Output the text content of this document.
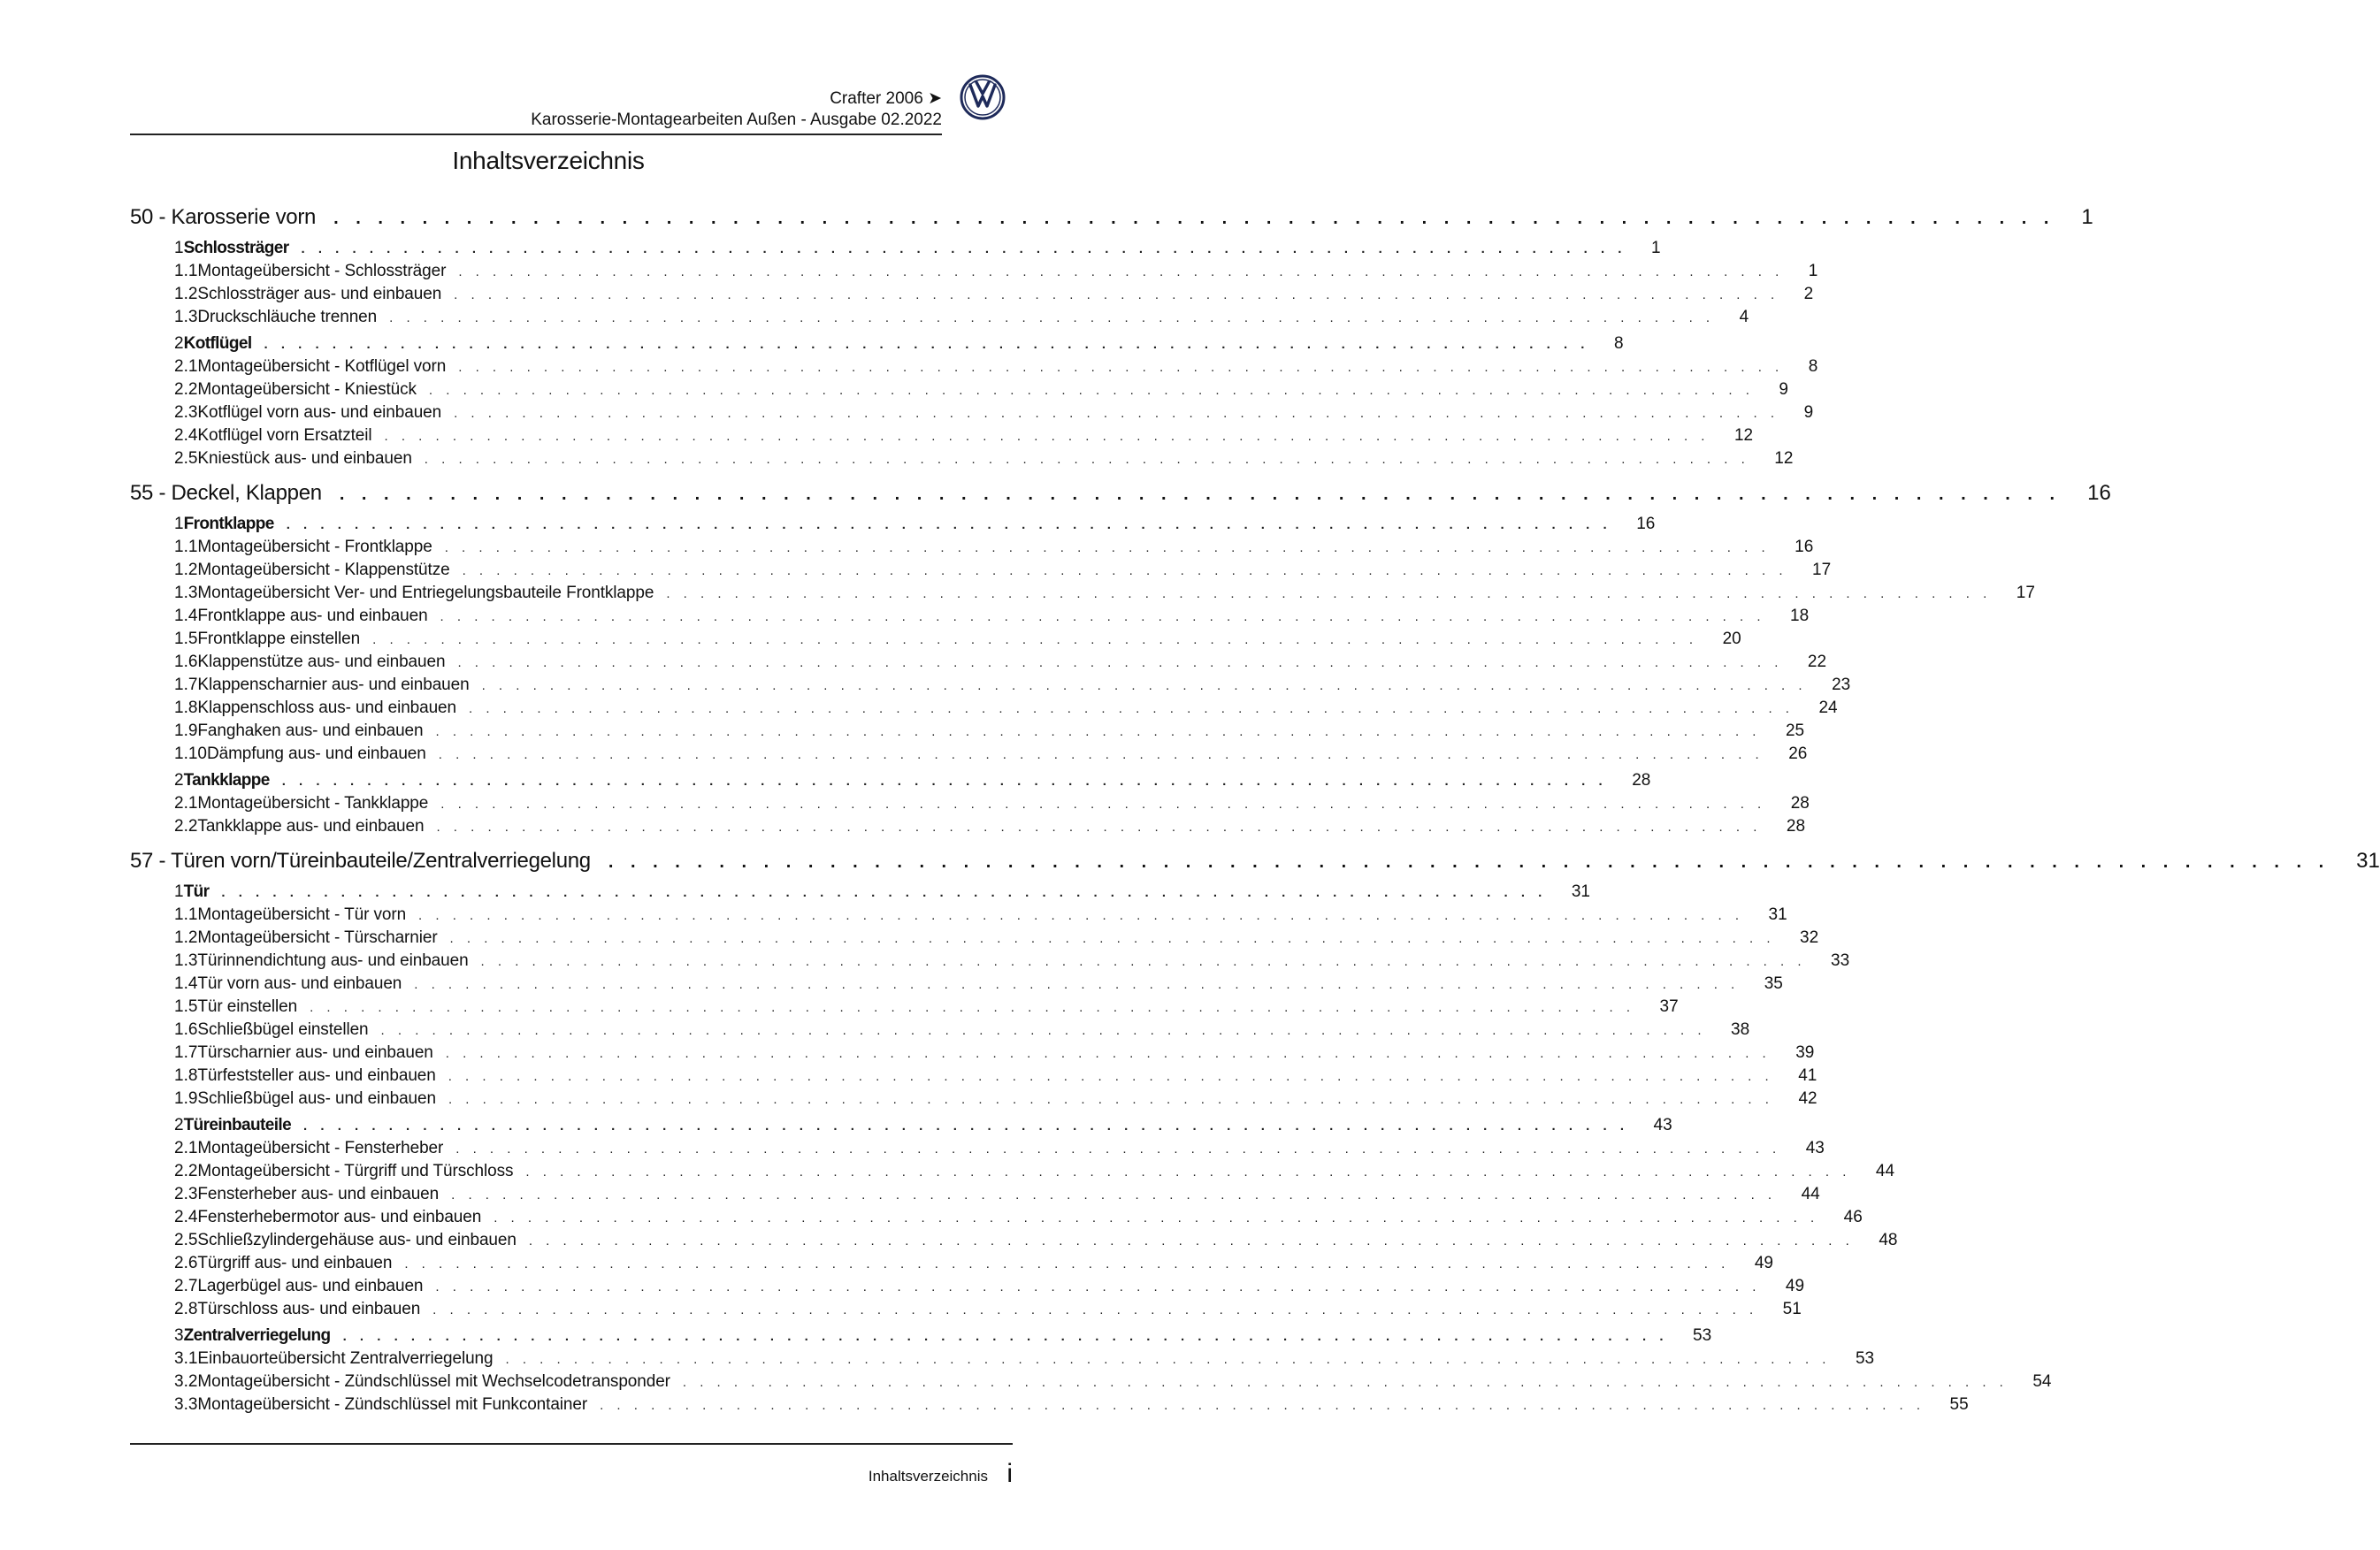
Crafter 2006 ➤
Karosserie-Montagearbeiten Außen - Ausgabe 02.2022
Inhaltsverzeichnis
50 - Karosserie vorn . . . . . . . . . . . . . . . . . . . . . . . . . . . . . . . . . . . . . . . . . . . . . . . . . . . . . . . . . . . . . . . . . . . . . . . . . . . . . . 1
1 Schlossträger . . . . . . . . . . . . . . . . . . . . . . . . . . . . . . . . . . . . . . . . . . . . . . . . . . . . . . . . . . . . . . . . . . . . . . . . . . . . . . 1
1.1 Montageübersicht - Schlossträger . . . . . . . . . . . . . . . . . . . . . . . . . . . . . . . . . . . . . . . . . . . . . . . . . . . . . . . . . . . . . . . . . . . . . . . . . . . . . . 1
1.2 Schlossträger aus- und einbauen . . . . . . . . . . . . . . . . . . . . . . . . . . . . . . . . . . . . . . . . . . . . . . . . . . . . . . . . . . . . . . . . . . . . . . . . . . . . . . 2
1.3 Druckschläuche trennen . . . . . . . . . . . . . . . . . . . . . . . . . . . . . . . . . . . . . . . . . . . . . . . . . . . . . . . . . . . . . . . . . . . . . . . . . . . . . . 4
2 Kotflügel . . . . . . . . . . . . . . . . . . . . . . . . . . . . . . . . . . . . . . . . . . . . . . . . . . . . . . . . . . . . . . . . . . . . . . . . . . . . . . 8
2.1 Montageübersicht - Kotflügel vorn . . . . . . . . . . . . . . . . . . . . . . . . . . . . . . . . . . . . . . . . . . . . . . . . . . . . . . . . . . . . . . . . . . . . . . . . . . . . . . 8
2.2 Montageübersicht - Kniestück . . . . . . . . . . . . . . . . . . . . . . . . . . . . . . . . . . . . . . . . . . . . . . . . . . . . . . . . . . . . . . . . . . . . . . . . . . . . . . 9
2.3 Kotflügel vorn aus- und einbauen . . . . . . . . . . . . . . . . . . . . . . . . . . . . . . . . . . . . . . . . . . . . . . . . . . . . . . . . . . . . . . . . . . . . . . . . . . . . . . 9
2.4 Kotflügel vorn Ersatzteil . . . . . . . . . . . . . . . . . . . . . . . . . . . . . . . . . . . . . . . . . . . . . . . . . . . . . . . . . . . . . . . . . . . . . . . . . . . . . . 12
2.5 Kniestück aus- und einbauen . . . . . . . . . . . . . . . . . . . . . . . . . . . . . . . . . . . . . . . . . . . . . . . . . . . . . . . . . . . . . . . . . . . . . . . . . . . . . . 12
55 - Deckel, Klappen . . . . . . . . . . . . . . . . . . . . . . . . . . . . . . . . . . . . . . . . . . . . . . . . . . . . . . . . . . . . . . . . . . . . . . . . . . . . . . 16
1 Frontklappe . . . . . . . . . . . . . . . . . . . . . . . . . . . . . . . . . . . . . . . . . . . . . . . . . . . . . . . . . . . . . . . . . . . . . . . . . . . . . . 16
1.1 Montageübersicht - Frontklappe . . . . . . . . . . . . . . . . . . . . . . . . . . . . . . . . . . . . . . . . . . . . . . . . . . . . . . . . . . . . . . . . . . . . . . . . . . . . . . 16
1.2 Montageübersicht - Klappenstütze . . . . . . . . . . . . . . . . . . . . . . . . . . . . . . . . . . . . . . . . . . . . . . . . . . . . . . . . . . . . . . . . . . . . . . . . . . . . . . 17
1.3 Montageübersicht Ver- und Entriegelungsbauteile Frontklappe . . . . . . . . . . . . . . . . . . . . . . . . . . . . . . . . . . . . . . . . . . . . . . . . . . . . . . . . . . . . . . . . . . . . . . . . . . . . . . 17
1.4 Frontklappe aus- und einbauen . . . . . . . . . . . . . . . . . . . . . . . . . . . . . . . . . . . . . . . . . . . . . . . . . . . . . . . . . . . . . . . . . . . . . . . . . . . . . . 18
1.5 Frontklappe einstellen . . . . . . . . . . . . . . . . . . . . . . . . . . . . . . . . . . . . . . . . . . . . . . . . . . . . . . . . . . . . . . . . . . . . . . . . . . . . . . 20
1.6 Klappenstütze aus- und einbauen . . . . . . . . . . . . . . . . . . . . . . . . . . . . . . . . . . . . . . . . . . . . . . . . . . . . . . . . . . . . . . . . . . . . . . . . . . . . . . 22
1.7 Klappenscharnier aus- und einbauen . . . . . . . . . . . . . . . . . . . . . . . . . . . . . . . . . . . . . . . . . . . . . . . . . . . . . . . . . . . . . . . . . . . . . . . . . . . . . . 23
1.8 Klappenschloss aus- und einbauen . . . . . . . . . . . . . . . . . . . . . . . . . . . . . . . . . . . . . . . . . . . . . . . . . . . . . . . . . . . . . . . . . . . . . . . . . . . . . . 24
1.9 Fanghaken aus- und einbauen . . . . . . . . . . . . . . . . . . . . . . . . . . . . . . . . . . . . . . . . . . . . . . . . . . . . . . . . . . . . . . . . . . . . . . . . . . . . . . 25
1.10 Dämpfung aus- und einbauen . . . . . . . . . . . . . . . . . . . . . . . . . . . . . . . . . . . . . . . . . . . . . . . . . . . . . . . . . . . . . . . . . . . . . . . . . . . . . . 26
2 Tankklappe . . . . . . . . . . . . . . . . . . . . . . . . . . . . . . . . . . . . . . . . . . . . . . . . . . . . . . . . . . . . . . . . . . . . . . . . . . . . . . 28
2.1 Montageübersicht - Tankklappe . . . . . . . . . . . . . . . . . . . . . . . . . . . . . . . . . . . . . . . . . . . . . . . . . . . . . . . . . . . . . . . . . . . . . . . . . . . . . . 28
2.2 Tankklappe aus- und einbauen . . . . . . . . . . . . . . . . . . . . . . . . . . . . . . . . . . . . . . . . . . . . . . . . . . . . . . . . . . . . . . . . . . . . . . . . . . . . . . 28
57 - Türen vorn/Türeinbauteile/Zentralverriegelung . . . . . . . . . . . . . . . . . . . . . . . . . . . . . . . . . . . . . . . . . . . . . . . . . . . . . . . . . . . . . . . . . . . . . . . . . . . . . . 31
1 Tür . . . . . . . . . . . . . . . . . . . . . . . . . . . . . . . . . . . . . . . . . . . . . . . . . . . . . . . . . . . . . . . . . . . . . . . . . . . . . . 31
1.1 Montageübersicht - Tür vorn . . . . . . . . . . . . . . . . . . . . . . . . . . . . . . . . . . . . . . . . . . . . . . . . . . . . . . . . . . . . . . . . . . . . . . . . . . . . . . 31
1.2 Montageübersicht - Türscharnier . . . . . . . . . . . . . . . . . . . . . . . . . . . . . . . . . . . . . . . . . . . . . . . . . . . . . . . . . . . . . . . . . . . . . . . . . . . . . . 32
1.3 Türinnendichtung aus- und einbauen . . . . . . . . . . . . . . . . . . . . . . . . . . . . . . . . . . . . . . . . . . . . . . . . . . . . . . . . . . . . . . . . . . . . . . . . . . . . . . 33
1.4 Tür vorn aus- und einbauen . . . . . . . . . . . . . . . . . . . . . . . . . . . . . . . . . . . . . . . . . . . . . . . . . . . . . . . . . . . . . . . . . . . . . . . . . . . . . . 35
1.5 Tür einstellen . . . . . . . . . . . . . . . . . . . . . . . . . . . . . . . . . . . . . . . . . . . . . . . . . . . . . . . . . . . . . . . . . . . . . . . . . . . . . . 37
1.6 Schließbügel einstellen . . . . . . . . . . . . . . . . . . . . . . . . . . . . . . . . . . . . . . . . . . . . . . . . . . . . . . . . . . . . . . . . . . . . . . . . . . . . . . 38
1.7 Türscharnier aus- und einbauen . . . . . . . . . . . . . . . . . . . . . . . . . . . . . . . . . . . . . . . . . . . . . . . . . . . . . . . . . . . . . . . . . . . . . . . . . . . . . . 39
1.8 Türfeststeller aus- und einbauen . . . . . . . . . . . . . . . . . . . . . . . . . . . . . . . . . . . . . . . . . . . . . . . . . . . . . . . . . . . . . . . . . . . . . . . . . . . . . . 41
1.9 Schließbügel aus- und einbauen . . . . . . . . . . . . . . . . . . . . . . . . . . . . . . . . . . . . . . . . . . . . . . . . . . . . . . . . . . . . . . . . . . . . . . . . . . . . . . 42
2 Türeinbauteile . . . . . . . . . . . . . . . . . . . . . . . . . . . . . . . . . . . . . . . . . . . . . . . . . . . . . . . . . . . . . . . . . . . . . . . . . . . . . . 43
2.1 Montageübersicht - Fensterheber . . . . . . . . . . . . . . . . . . . . . . . . . . . . . . . . . . . . . . . . . . . . . . . . . . . . . . . . . . . . . . . . . . . . . . . . . . . . . . 43
2.2 Montageübersicht - Türgriff und Türschloss . . . . . . . . . . . . . . . . . . . . . . . . . . . . . . . . . . . . . . . . . . . . . . . . . . . . . . . . . . . . . . . . . . . . . . . . . . . . . . 44
2.3 Fensterheber aus- und einbauen . . . . . . . . . . . . . . . . . . . . . . . . . . . . . . . . . . . . . . . . . . . . . . . . . . . . . . . . . . . . . . . . . . . . . . . . . . . . . . 44
2.4 Fensterhebermotor aus- und einbauen . . . . . . . . . . . . . . . . . . . . . . . . . . . . . . . . . . . . . . . . . . . . . . . . . . . . . . . . . . . . . . . . . . . . . . . . . . . . . . 46
2.5 Schließzylindergehäuse aus- und einbauen . . . . . . . . . . . . . . . . . . . . . . . . . . . . . . . . . . . . . . . . . . . . . . . . . . . . . . . . . . . . . . . . . . . . . . . . . . . . . . 48
2.6 Türgriff aus- und einbauen . . . . . . . . . . . . . . . . . . . . . . . . . . . . . . . . . . . . . . . . . . . . . . . . . . . . . . . . . . . . . . . . . . . . . . . . . . . . . . 49
2.7 Lagerbügel aus- und einbauen . . . . . . . . . . . . . . . . . . . . . . . . . . . . . . . . . . . . . . . . . . . . . . . . . . . . . . . . . . . . . . . . . . . . . . . . . . . . . . 49
2.8 Türschloss aus- und einbauen . . . . . . . . . . . . . . . . . . . . . . . . . . . . . . . . . . . . . . . . . . . . . . . . . . . . . . . . . . . . . . . . . . . . . . . . . . . . . . 51
3 Zentralverriegelung . . . . . . . . . . . . . . . . . . . . . . . . . . . . . . . . . . . . . . . . . . . . . . . . . . . . . . . . . . . . . . . . . . . . . . . . . . . . . . 53
3.1 Einbauorteübersicht Zentralverriegelung . . . . . . . . . . . . . . . . . . . . . . . . . . . . . . . . . . . . . . . . . . . . . . . . . . . . . . . . . . . . . . . . . . . . . . . . . . . . . . 53
3.2 Montageübersicht - Zündschlüssel mit Wechselcodetransponder . . . . . . . . . . . . . . . . . . . . . . . . . . . . . . . . . . . . . . . . . . . . . . . . . . . . . . . . . . . . . . . . . . . . . . . . . . . . . . 54
3.3 Montageübersicht - Zündschlüssel mit Funkcontainer . . . . . . . . . . . . . . . . . . . . . . . . . . . . . . . . . . . . . . . . . . . . . . . . . . . . . . . . . . . . . . . . . . . . . . . . . . . . . . 55
Inhaltsverzeichnis i
